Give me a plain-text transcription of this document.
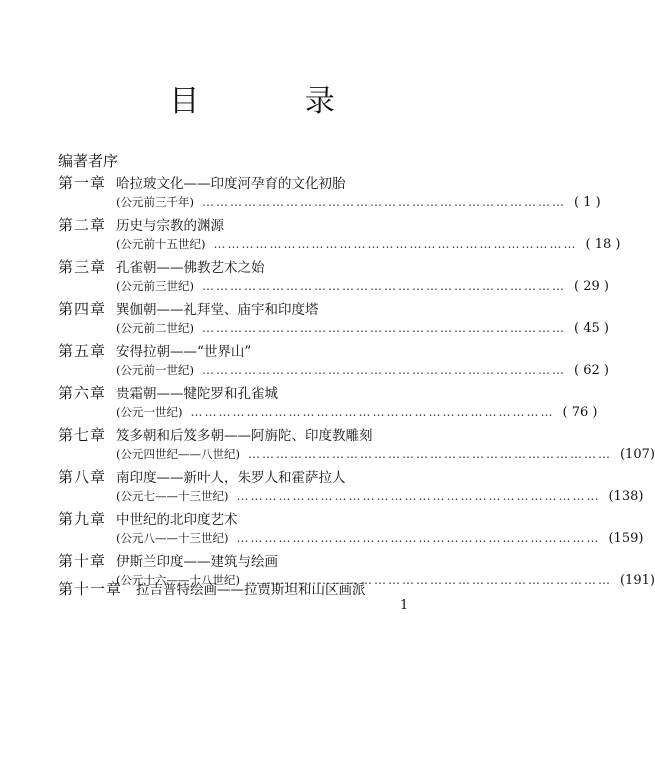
目 录
编著者序
第一章 哈拉玻文化——印度河孕育的文化初胎
(公元前三千年) …………………………………………………………………… ( 1 )
第二章 历史与宗教的渊源
(公元前十五世纪) …………………………………………………………………… ( 18 )
第三章 孔雀朝——佛教艺术之始
(公元前三世纪) …………………………………………………………………… ( 29 )
第四章 巽伽朝——礼拜堂、庙宇和印度塔
(公元前二世纪) …………………………………………………………………… ( 45 )
第五章 安得拉朝——“世界山”
(公元前一世纪) …………………………………………………………………… ( 62 )
第六章 贵霜朝——犍陀罗和孔雀城
(公元一世纪) …………………………………………………………………… ( 76 )
第七章 笈多朝和后笈多朝——阿旃陀、印度教雕刻
(公元四世纪——八世纪) …………………………………………………………………… (107)
第八章 南印度——新叶人，朱罗人和霍萨拉人
(公元七——十三世纪) …………………………………………………………………… (138)
第九章 中世纪的北印度艺术
(公元八——十三世纪) …………………………………………………………………… (159)
第十章 伊斯兰印度——建筑与绘画
(公元十六——十八世纪) …………………………………………………………………… (191)
第十一章	拉吉普特绘画——拉贾斯坦和山区画派
1
